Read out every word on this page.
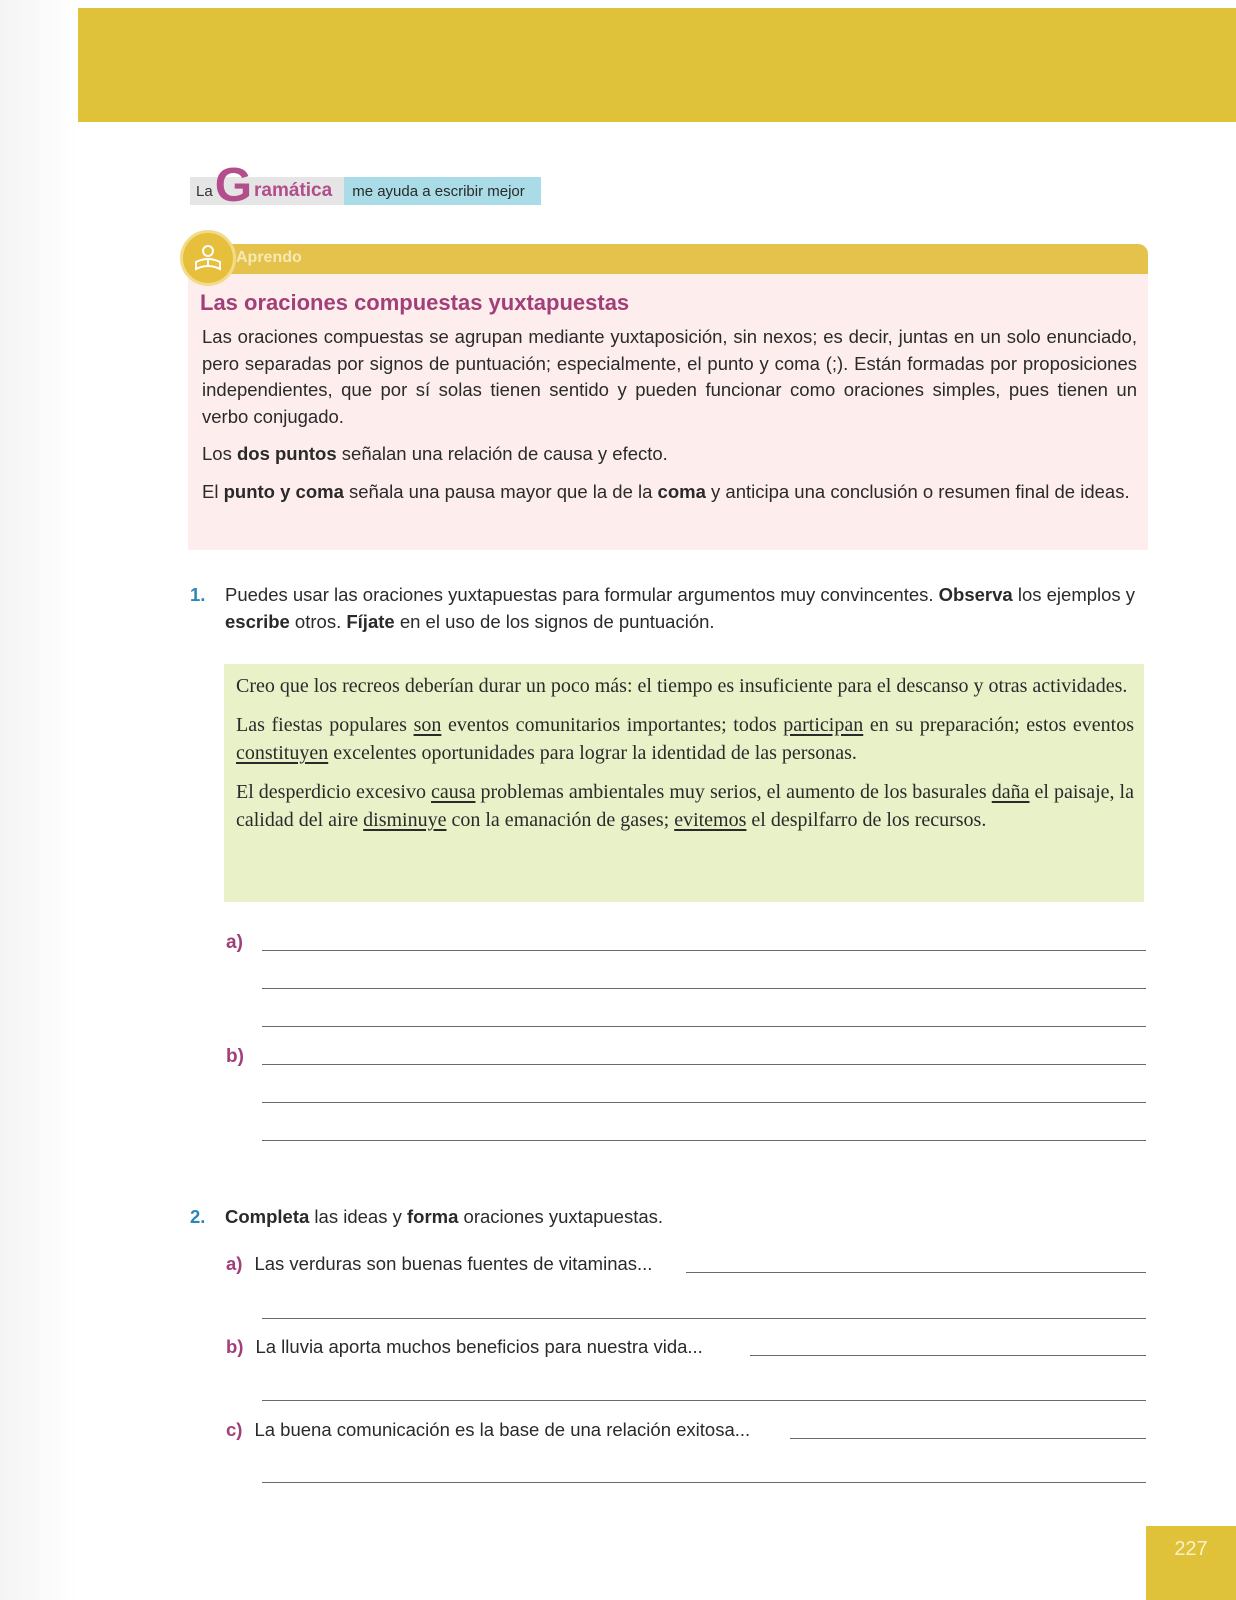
La G ramática	me ayuda a escribir mejor
Aprendo
Las oraciones compuestas yuxtapuestas

Las oraciones compuestas se agrupan mediante yuxtaposición, sin nexos; es decir, juntas en un solo enunciado, pero separadas por signos de puntuación; especialmente, el punto y coma (;). Están formadas por proposiciones independientes, que por sí solas tienen sentido y pueden funcionar como oraciones simples, pues tienen un verbo conjugado.

Los dos puntos señalan una relación de causa y efecto.

El punto y coma señala una pausa mayor que la de la coma y anticipa una conclusión o resumen final de ideas.

1. Puedes usar las oraciones yuxtapuestas para formular argumentos muy convincentes. Observa los ejemplos y escribe otros. Fíjate en el uso de los signos de puntuación.

Creo que los recreos deberían durar un poco más: el tiempo es insuficiente para el descanso y otras actividades.

Las fiestas populares son eventos comunitarios importantes; todos participan en su preparación; estos eventos constituyen excelentes oportunidades para lograr la identidad de las personas.

El desperdicio excesivo causa problemas ambientales muy serios, el aumento de los basurales daña el paisaje, la calidad del aire disminuye con la emanación de gases; evitemos el despilfarro de los recursos.

a)
b)
2. Completa las ideas y forma oraciones yuxtapuestas.
a) Las verduras son buenas fuentes de vitaminas...
b) La lluvia aporta muchos beneficios para nuestra vida...
c) La buena comunicación es la base de una relación exitosa...
227
